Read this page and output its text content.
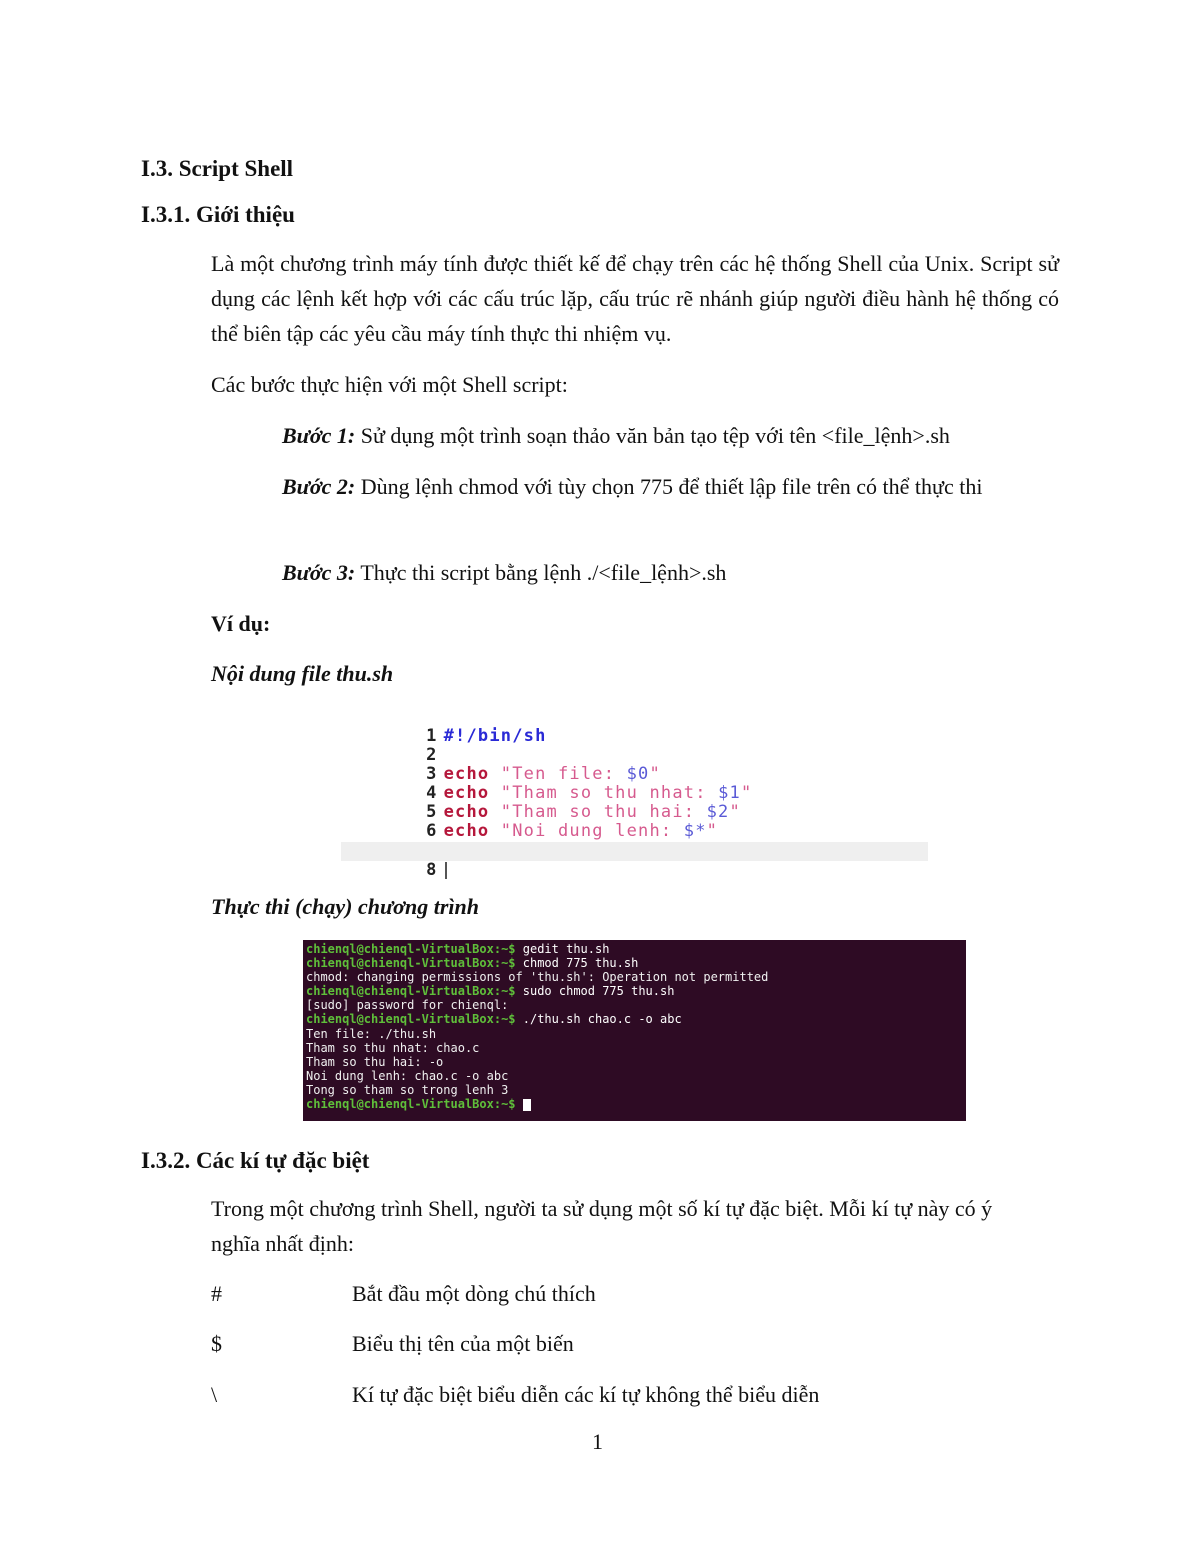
I.3. Script Shell
I.3.1. Giới thiệu
Là một chương trình máy tính được thiết kế để chạy trên các hệ thống Shell của Unix. Script sử dụng các lệnh kết hợp với các cấu trúc lặp, cấu trúc rẽ nhánh giúp người điều hành hệ thống có thể biên tập các yêu cầu máy tính thực thi nhiệm vụ.
Các bước thực hiện với một Shell script:
Bước 1: Sử dụng một trình soạn thảo văn bản tạo tệp với tên <file_lệnh>.sh
Bước 2: Dùng lệnh chmod với tùy chọn 775 để thiết lập file trên có thể thực thi
Bước 3: Thực thi script bằng lệnh ./<file_lệnh>.sh
Ví dụ:
Nội dung file thu.sh

1 #!/bin/sh

2

3 echo "Ten file: $0"

4 echo "Tham so thu nhat: $1"

5 echo "Tham so thu hai: $2"

6 echo "Noi dung lenh: $*"

8

Thực thi (chạy) chương trình
chienql@chienql-VirtualBox:~$ gedit thu.sh
chienql@chienql-VirtualBox:~$ chmod 775 thu.sh
chmod: changing permissions of 'thu.sh': Operation not permitted
chienql@chienql-VirtualBox:~$ sudo chmod 775 thu.sh
[sudo] password for chienql:
chienql@chienql-VirtualBox:~$ ./thu.sh chao.c -o abc
Ten file: ./thu.sh
Tham so thu nhat: chao.c
Tham so thu hai: -o
Noi dung lenh: chao.c -o abc
Tong so tham so trong lenh 3
chienql@chienql-VirtualBox:~$
I.3.2. Các kí tự đặc biệt
Trong một chương trình Shell, người ta sử dụng một số kí tự đặc biệt. Mỗi kí tự này có ý nghĩa nhất định:
#	Bắt đầu một dòng chú thích
$	Biểu thị tên của một biến
\	Kí tự đặc biệt biểu diễn các kí tự không thể biểu diễn
1
